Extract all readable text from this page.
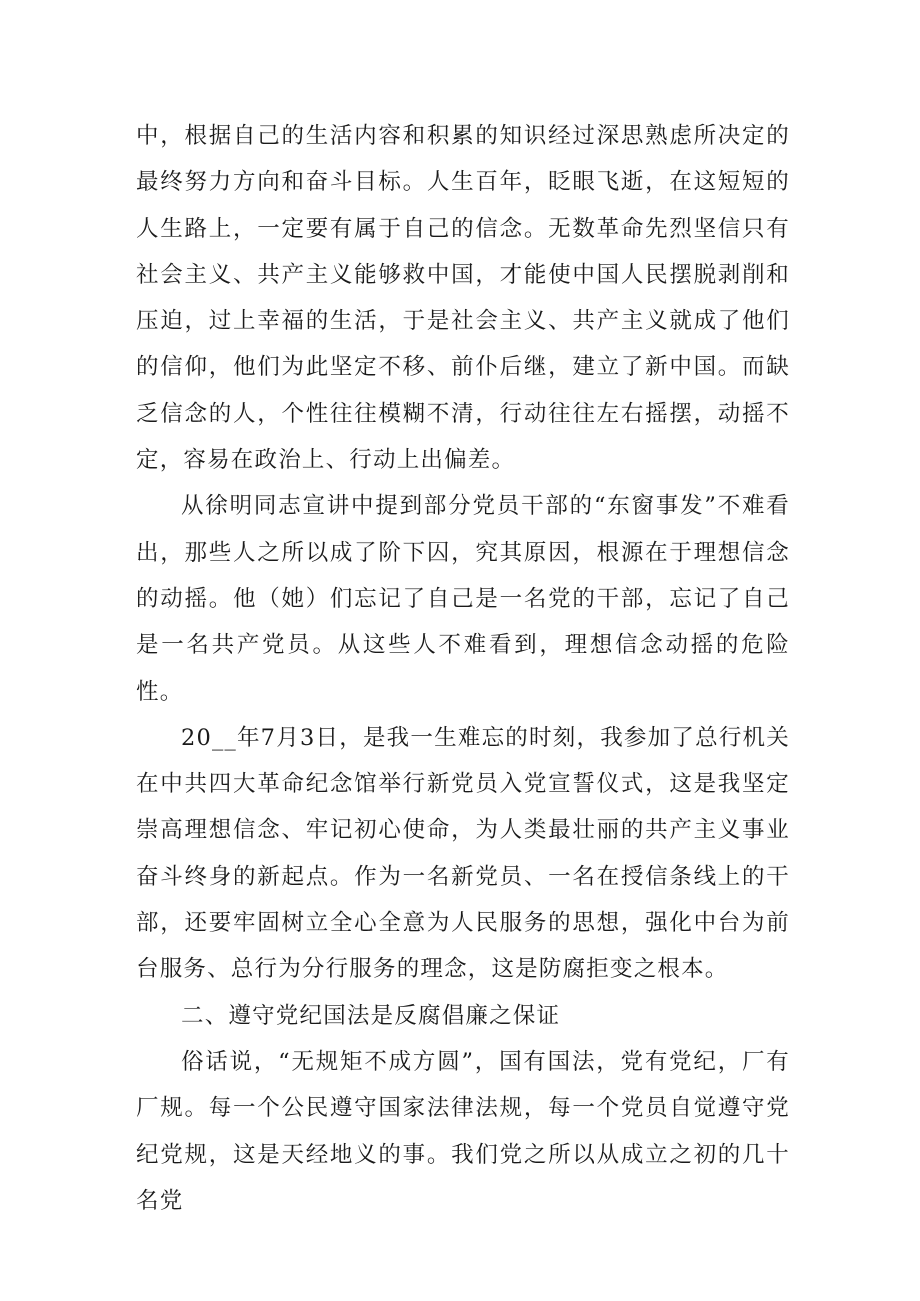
中，根据自己的生活内容和积累的知识经过深思熟虑所决定的最终努力方向和奋斗目标。人生百年，眨眼飞逝，在这短短的人生路上，一定要有属于自己的信念。无数革命先烈坚信只有社会主义、共产主义能够救中国，才能使中国人民摆脱剥削和压迫，过上幸福的生活，于是社会主义、共产主义就成了他们的信仰，他们为此坚定不移、前仆后继，建立了新中国。而缺乏信念的人，个性往往模糊不清，行动往往左右摇摆，动摇不定，容易在政治上、行动上出偏差。

从徐明同志宣讲中提到部分党员干部的“东窗事发”不难看出，那些人之所以成了阶下囚，究其原因，根源在于理想信念的动摇。他（她）们忘记了自己是一名党的干部，忘记了自己是一名共产党员。从这些人不难看到，理想信念动摇的危险性。

20__年7月3日，是我一生难忘的时刻，我参加了总行机关在中共四大革命纪念馆举行新党员入党宣誓仪式，这是我坚定崇高理想信念、牢记初心使命，为人类最壮丽的共产主义事业奋斗终身的新起点。作为一名新党员、一名在授信条线上的干部，还要牢固树立全心全意为人民服务的思想，强化中台为前台服务、总行为分行服务的理念，这是防腐拒变之根本。

二、遵守党纪国法是反腐倡廉之保证

俗话说，“无规矩不成方圆”，国有国法，党有党纪，厂有厂规。每一个公民遵守国家法律法规，每一个党员自觉遵守党纪党规，这是天经地义的事。我们党之所以从成立之初的几十名党
